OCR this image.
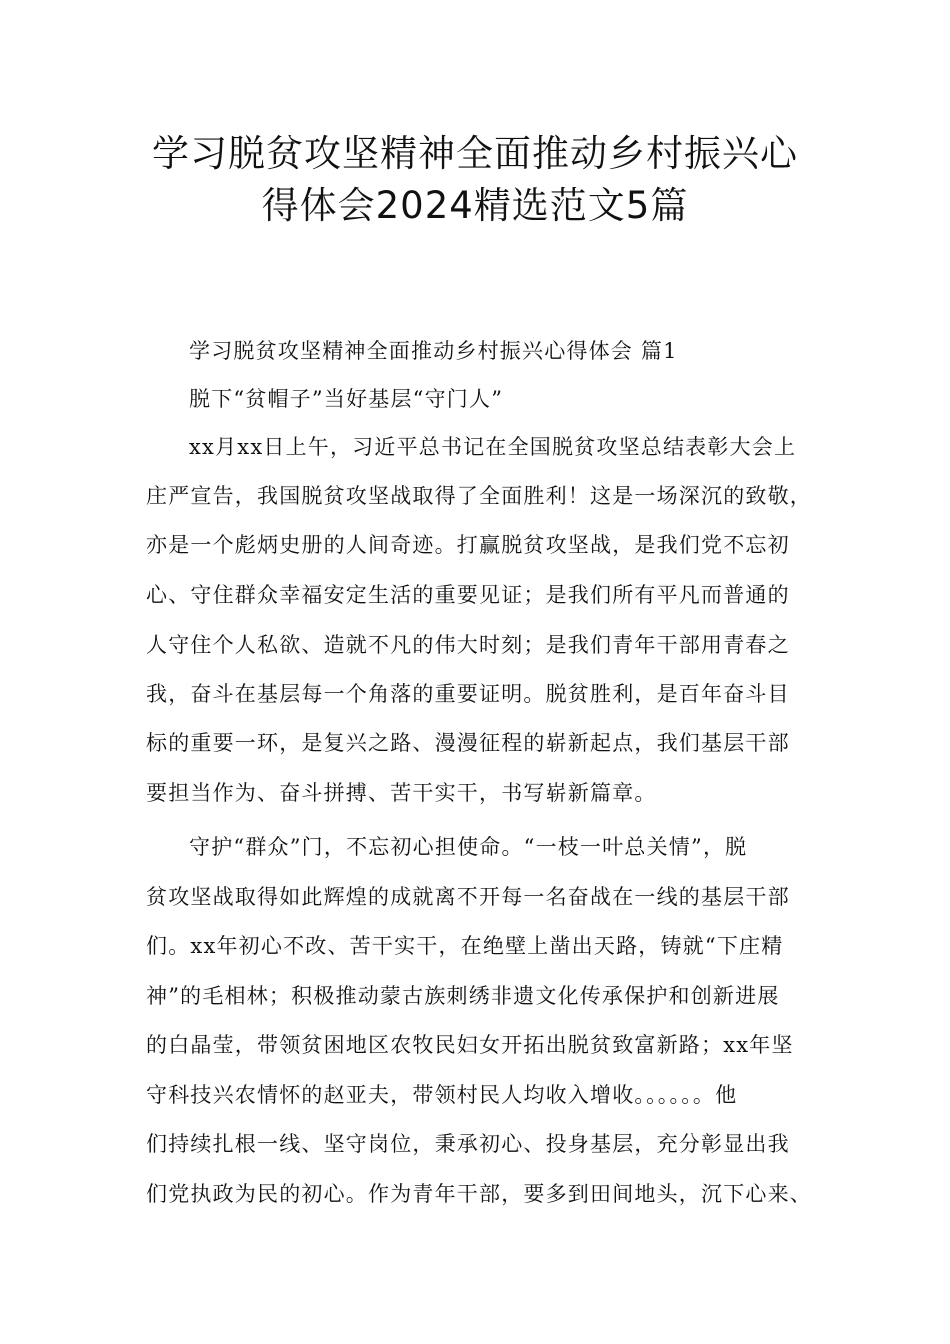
学习脱贫攻坚精神全面推动乡村振兴心
得体会2024精选范文5篇
学习脱贫攻坚精神全面推动乡村振兴心得体会 篇1
脱下“贫帽子”当好基层“守门人”
xx月xx日上午，习近平总书记在全国脱贫攻坚总结表彰大会上
庄严宣告，我国脱贫攻坚战取得了全面胜利！这是一场深沉的致敬，
亦是一个彪炳史册的人间奇迹。打赢脱贫攻坚战，是我们党不忘初
心、守住群众幸福安定生活的重要见证；是我们所有平凡而普通的
人守住个人私欲、造就不凡的伟大时刻；是我们青年干部用青春之
我，奋斗在基层每一个角落的重要证明。脱贫胜利，是百年奋斗目
标的重要一环，是复兴之路、漫漫征程的崭新起点，我们基层干部
要担当作为、奋斗拼搏、苦干实干，书写崭新篇章。
守护“群众”门，不忘初心担使命。“一枝一叶总关情”，脱
贫攻坚战取得如此辉煌的成就离不开每一名奋战在一线的基层干部
们。xx年初心不改、苦干实干，在绝壁上凿出天路，铸就“下庄精
神”的毛相林；积极推动蒙古族刺绣非遗文化传承保护和创新进展
的白晶莹，带领贫困地区农牧民妇女开拓出脱贫致富新路；xx年坚
守科技兴农情怀的赵亚夫，带领村民人均收入增收。。。。。。他
们持续扎根一线、坚守岗位，秉承初心、投身基层，充分彰显出我
们党执政为民的初心。作为青年干部，要多到田间地头，沉下心来、
